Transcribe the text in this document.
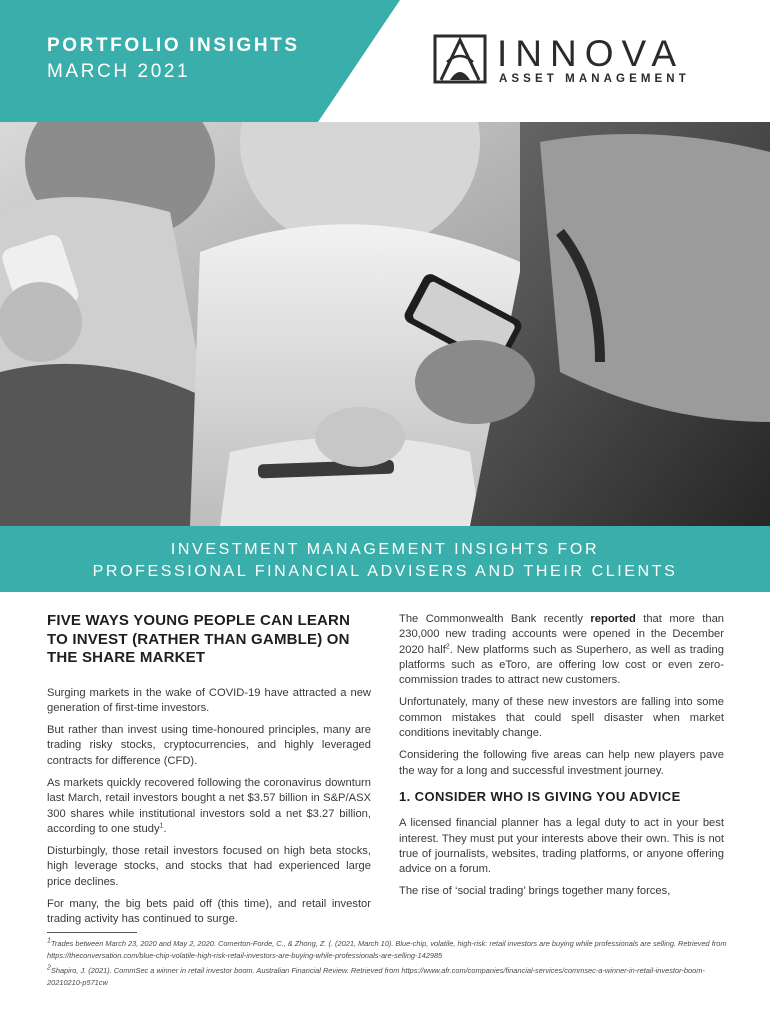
PORTFOLIO INSIGHTS
MARCH 2021	INNOVA
ASSET MANAGEMENT
INVESTMENT MANAGEMENT INSIGHTS FOR
PROFESSIONAL FINANCIAL ADVISERS AND THEIR CLIENTS
FIVE WAYS YOUNG PEOPLE CAN LEARN TO INVEST (RATHER THAN GAMBLE) ON THE SHARE MARKET

Surging markets in the wake of COVID-19 have attracted a new generation of first-time investors.

But rather than invest using time-honoured principles, many are trading risky stocks, cryptocurrencies, and highly leveraged contracts for difference (CFD).

As markets quickly recovered following the coronavirus downturn last March, retail investors bought a net $3.57 billion in S&P/ASX 300 shares while institutional investors sold a net $3.27 billion, according to one study$^1$.

Disturbingly, those retail investors focused on high beta stocks, high leverage stocks, and stocks that had experienced large price declines.

For many, the big bets paid off (this time), and retail investor trading activity has continued to surge.

The Commonwealth Bank recently reported that more than 230,000 new trading accounts were opened in the December 2020 half$^2$. New platforms such as Superhero, as well as trading platforms such as eToro, are offering low cost or even zero-commission trades to attract new customers.

Unfortunately, many of these new investors are falling into some common mistakes that could spell disaster when market conditions inevitably change.

Considering the following five areas can help new players pave the way for a long and successful investment journey.

1. CONSIDER WHO IS GIVING YOU ADVICE

A licensed financial planner has a legal duty to act in your best interest. They must put your interests above their own. This is not true of journalists, websites, trading platforms, or anyone offering advice on a forum.

The rise of ‘social trading’ brings together many forces,

$^1$Trades between March 23, 2020 and May 2, 2020. Comerton-Forde, C., & Zhong, Z. (. (2021, March 10). Blue-chip, volatile, high-risk: retail investors are buying while professionals are selling. Retrieved from https://theconversation.com/blue-chip-volatile-high-risk-retail-investors-are-buying-while-professionals-are-selling-142985

$^2$Shapiro, J. (2021). CommSec a winner in retail investor boom. Australian Financial Review. Retrieved from https://www.afr.com/companies/financial-services/commsec-a-winner-in-retail-investor-boom-20210210-p571cw
